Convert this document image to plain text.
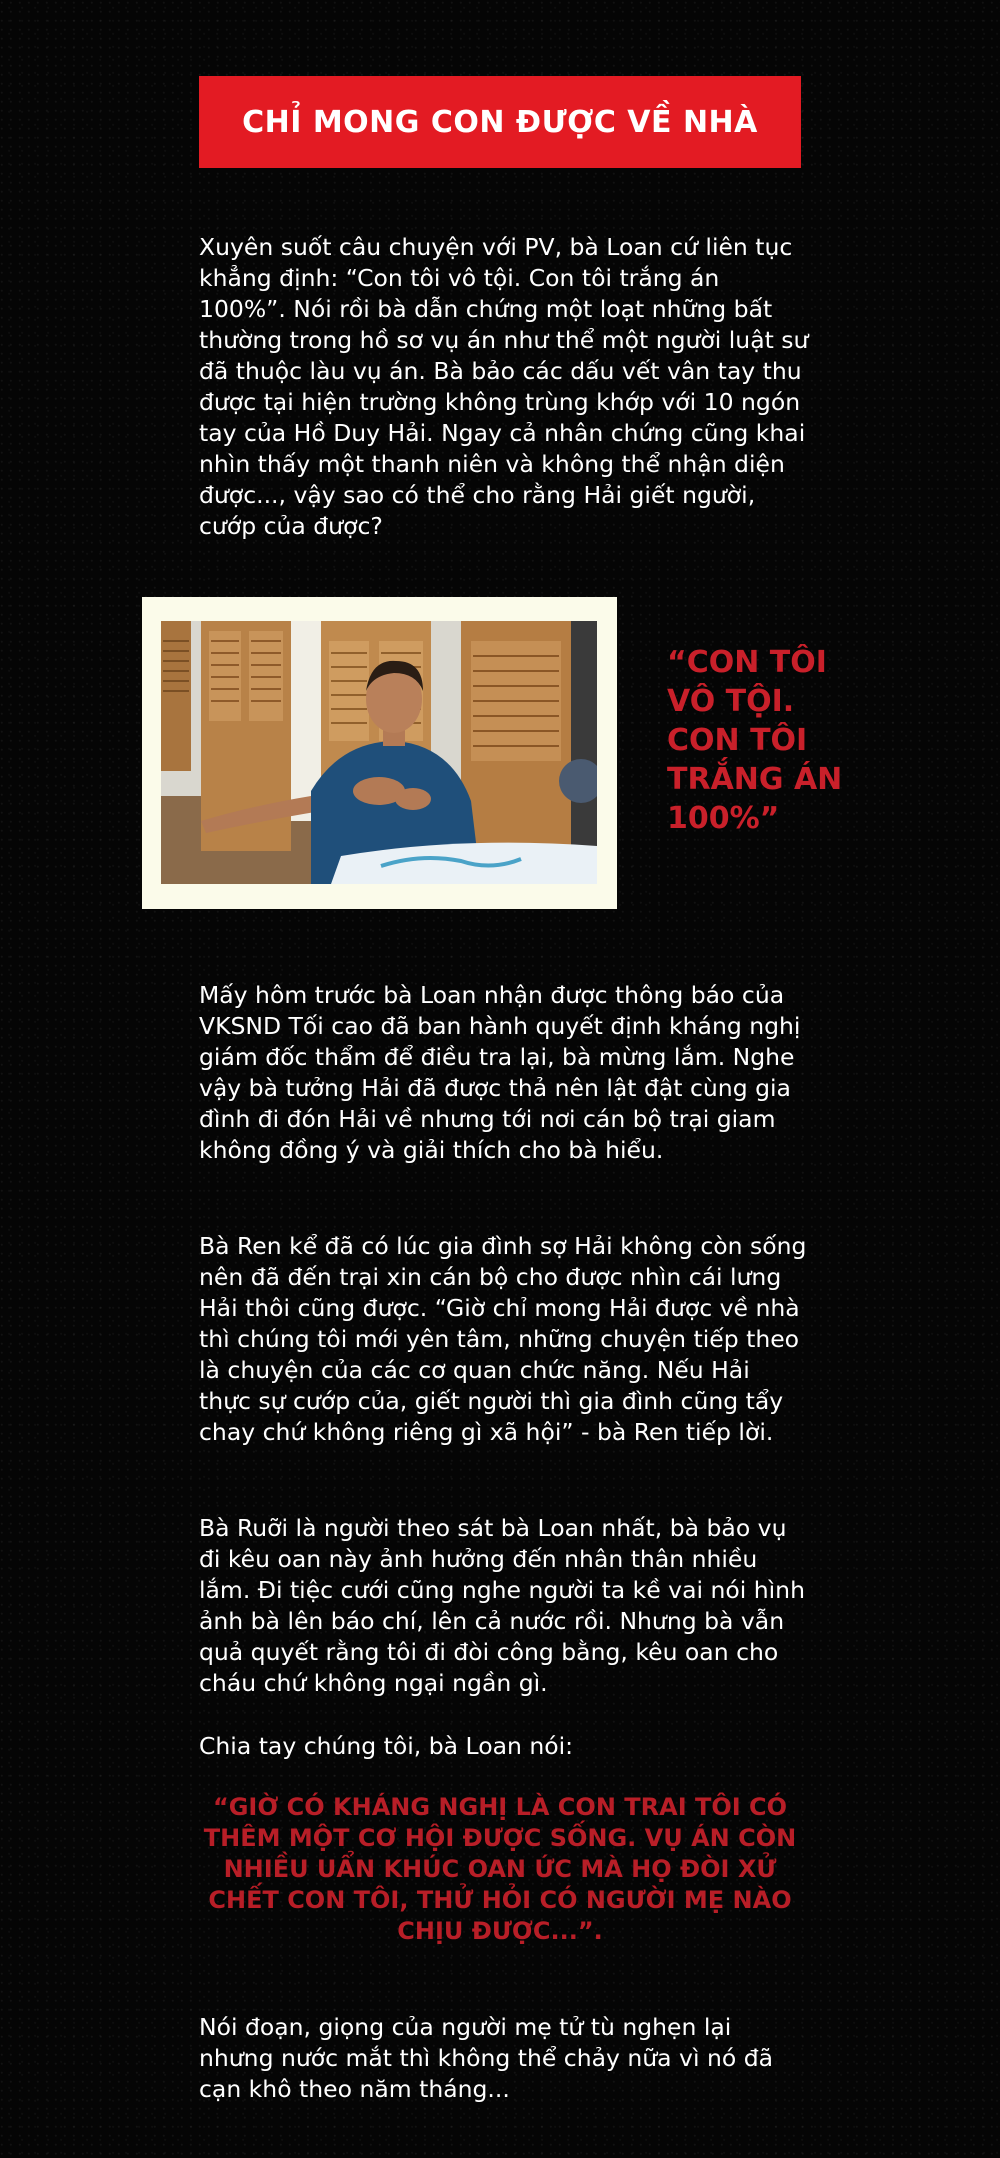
CHỈ MONG CON ĐƯỢC VỀ NHÀ

Xuyên suốt câu chuyện với PV, bà Loan cứ liên tục khẳng định: “Con tôi vô tội. Con tôi trắng án 100%”. Nói rồi bà dẫn chứng một loạt những bất thường trong hồ sơ vụ án như thể một người luật sư đã thuộc làu vụ án. Bà bảo các dấu vết vân tay thu được tại hiện trường không trùng khớp với 10 ngón tay của Hồ Duy Hải. Ngay cả nhân chứng cũng khai nhìn thấy một thanh niên và không thể nhận diện được..., vậy sao có thể cho rằng Hải giết người, cướp của được?

“CON TÔI VÔ TỘI. CON TÔI TRẮNG ÁN 100%”

Mấy hôm trước bà Loan nhận được thông báo của VKSND Tối cao đã ban hành quyết định kháng nghị giám đốc thẩm để điều tra lại, bà mừng lắm. Nghe vậy bà tưởng Hải đã được thả nên lật đật cùng gia đình đi đón Hải về nhưng tới nơi cán bộ trại giam không đồng ý và giải thích cho bà hiểu.

Bà Ren kể đã có lúc gia đình sợ Hải không còn sống nên đã đến trại xin cán bộ cho được nhìn cái lưng Hải thôi cũng được. “Giờ chỉ mong Hải được về nhà thì chúng tôi mới yên tâm, những chuyện tiếp theo là chuyện của các cơ quan chức năng. Nếu Hải thực sự cướp của, giết người thì gia đình cũng tẩy chay chứ không riêng gì xã hội” - bà Ren tiếp lời.

Bà Ruỡi là người theo sát bà Loan nhất, bà bảo vụ đi kêu oan này ảnh hưởng đến nhân thân nhiều lắm. Đi tiệc cưới cũng nghe người ta kề vai nói hình ảnh bà lên báo chí, lên cả nước rồi. Nhưng bà vẫn quả quyết rằng tôi đi đòi công bằng, kêu oan cho cháu chứ không ngại ngần gì.

Chia tay chúng tôi, bà Loan nói:

“GIỜ CÓ KHÁNG NGHỊ LÀ CON TRAI TÔI CÓ THÊM MỘT CƠ HỘI ĐƯỢC SỐNG. VỤ ÁN CÒN NHIỀU UẨN KHÚC OAN ỨC MÀ HỌ ĐÒI XỬ
CHẾT CON TÔI, THỬ HỎI CÓ NGƯỜI MẸ NÀO CHỊU ĐƯỢC...”.

Nói đoạn, giọng của người mẹ tử tù nghẹn lại nhưng nước mắt thì không thể chảy nữa vì nó đã cạn khô theo năm tháng...
